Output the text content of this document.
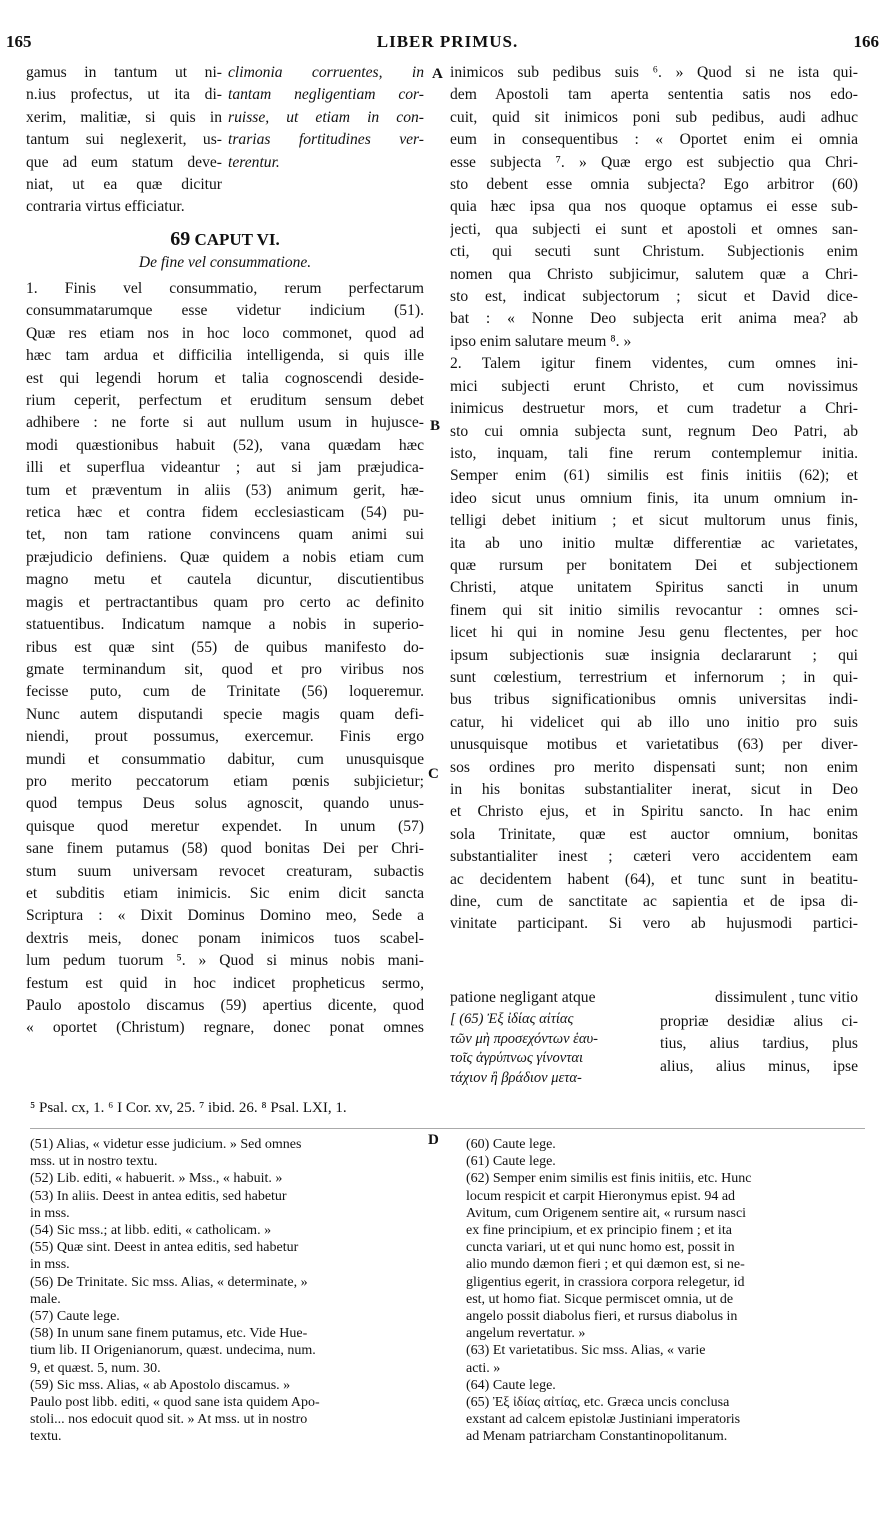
165	LIBER PRIMUS.	166
A
B
C
D
gamus in tantum ut ni-
n.ius profectus, ut ita di-
xerim, malitiæ, si quis in
tantum sui neglexerit, us-
que ad eum statum deve-
niat, ut ea quæ dicitur
contraria virtus efficiatur.
climonia corruentes, in
tantam negligentiam cor-
ruisse, ut etiam in con-
trarias fortitudines ver-
terentur.
69 CAPUT VI.
De fine vel consummatione.
1. Finis vel consummatio, rerum perfectarum
consummatarumque esse videtur indicium (51).
Quæ res etiam nos in hoc loco commonet, quod ad
hæc tam ardua et difficilia intelligenda, si quis ille
est qui legendi horum et talia cognoscendi deside-
rium ceperit, perfectum et eruditum sensum debet
adhibere : ne forte si aut nullum usum in hujusce-
modi quæstionibus habuit (52), vana quædam hæc
illi et superflua videantur ; aut si jam præjudica-
tum et præventum in aliis (53) animum gerit, hæ-
retica hæc et contra fidem ecclesiasticam (54) pu-
tet, non tam ratione convincens quam animi sui
præjudicio definiens. Quæ quidem a nobis etiam cum
magno metu et cautela dicuntur, discutientibus
magis et pertractantibus quam pro certo ac definito
statuentibus. Indicatum namque a nobis in superio-
ribus est quæ sint (55) de quibus manifesto do-
gmate terminandum sit, quod et pro viribus nos
fecisse puto, cum de Trinitate (56) loqueremur.
Nunc autem disputandi specie magis quam defi-
niendi, prout possumus, exercemur. Finis ergo
mundi et consummatio dabitur, cum unusquisque
pro merito peccatorum etiam pœnis subjicietur;
quod tempus Deus solus agnoscit, quando unus-
quisque quod meretur expendet. In unum (57)
sane finem putamus (58) quod bonitas Dei per Chri-
stum suum universam revocet creaturam, subactis
et subditis etiam inimicis. Sic enim dicit sancta
Scriptura : « Dixit Dominus Domino meo, Sede a
dextris meis, donec ponam inimicos tuos scabel-
lum pedum tuorum ⁵. » Quod si minus nobis mani-
festum est quid in hoc indicet propheticus sermo,
Paulo apostolo discamus (59) apertius dicente, quod
« oportet (Christum) regnare, donec ponat omnes
inimicos sub pedibus suis ⁶. » Quod si ne ista qui-
dem Apostoli tam aperta sententia satis nos edo-
cuit, quid sit inimicos poni sub pedibus, audi adhuc
eum in consequentibus : « Oportet enim ei omnia
esse subjecta ⁷. » Quæ ergo est subjectio qua Chri-
sto debent esse omnia subjecta? Ego arbitror (60)
quia hæc ipsa qua nos quoque optamus ei esse sub-
jecti, qua subjecti ei sunt et apostoli et omnes san-
cti, qui secuti sunt Christum. Subjectionis enim
nomen qua Christo subjicimur, salutem quæ a Chri-
sto est, indicat subjectorum ; sicut et David dice-
bat : « Nonne Deo subjecta erit anima mea? ab
ipso enim salutare meum ⁸. »
2. Talem igitur finem videntes, cum omnes ini-
mici subjecti erunt Christo, et cum novissimus
inimicus destruetur mors, et cum tradetur a Chri-
sto cui omnia subjecta sunt, regnum Deo Patri, ab
isto, inquam, tali fine rerum contemplemur initia.
Semper enim (61) similis est finis initiis (62); et
ideo sicut unus omnium finis, ita unum omnium in-
telligi debet initium ; et sicut multorum unus finis,
ita ab uno initio multæ differentiæ ac varietates,
quæ rursum per bonitatem Dei et subjectionem
Christi, atque unitatem Spiritus sancti in unum
finem qui sit initio similis revocantur : omnes sci-
licet hi qui in nomine Jesu genu flectentes, per hoc
ipsum subjectionis suæ insignia declararunt ; qui
sunt cœlestium, terrestrium et infernorum ; in qui-
bus tribus significationibus omnis universitas indi-
catur, hi videlicet qui ab illo uno initio pro suis
unusquisque motibus et varietatibus (63) per diver-
sos ordines pro merito dispensati sunt; non enim
in his bonitas substantialiter inerat, sicut in Deo
et Christo ejus, et in Spiritu sancto. In hac enim
sola Trinitate, quæ est auctor omnium, bonitas
substantialiter inest ; cæteri vero accidentem eam
ac decidentem habent (64), et tunc sunt in beatitu-
dine, cum de sanctitate ac sapientia et de ipsa di-
vinitate participant. Si vero ab hujusmodi partici-
patione negligant atque	dissimulent , tunc vitio
[ (65) Ἐξ ἰδίας αἰτίας
τῶν μὴ προσεχόντων ἑαυ-
τοῖς ἀγρύπνως γίνονται
τάχιον ἢ βράδιον μετα-
propriæ desidiæ alius ci-
tius, alius tardius, plus
alius, alius minus, ipse
⁵ Psal. cx, 1. ⁶ I Cor. xv, 25. ⁷ ibid. 26. ⁸ Psal. LXI, 1.
(51) Alias, « videtur esse judicium. » Sed omnes
mss. ut in nostro textu.
(52) Lib. editi, « habuerit. » Mss., « habuit. »
(53) In aliis. Deest in antea editis, sed habetur
in mss.
(54) Sic mss.; at libb. editi, « catholicam. »
(55) Quæ sint. Deest in antea editis, sed habetur
in mss.
(56) De Trinitate. Sic mss. Alias, « determinate, »
male.
(57) Caute lege.
(58) In unum sane finem putamus, etc. Vide Hue-
tium lib. II Origenianorum, quæst. undecima, num.
9, et quæst. 5, num. 30.
(59) Sic mss. Alias, « ab Apostolo discamus. »
Paulo post libb. editi, « quod sane ista quidem Apo-
stoli... nos edocuit quod sit. » At mss. ut in nostro
textu.
(60) Caute lege.
(61) Caute lege.
(62) Semper enim similis est finis initiis, etc. Hunc
locum respicit et carpit Hieronymus epist. 94 ad
Avitum, cum Origenem sentire ait, « rursum nasci
ex fine principium, et ex principio finem ; et ita
cuncta variari, ut et qui nunc homo est, possit in
alio mundo dæmon fieri ; et qui dæmon est, si ne-
gligentius egerit, in crassiora corpora relegetur, id
est, ut homo fiat. Sicque permiscet omnia, ut de
angelo possit diabolus fieri, et rursus diabolus in
angelum revertatur. »
(63) Et varietatibus. Sic mss. Alias, « varie
acti. »
(64) Caute lege.
(65) Ἐξ ἰδίας αἰτίας, etc. Græca uncis conclusa
exstant ad calcem epistolæ Justiniani imperatoris
ad Menam patriarcham Constantinopolitanum.
